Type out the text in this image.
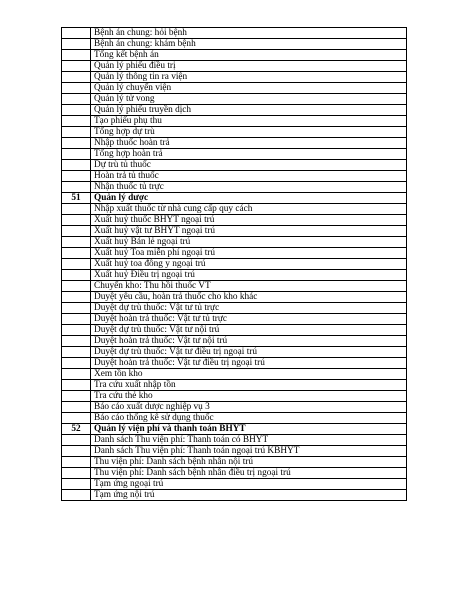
	Bệnh án chung: hỏi bệnh
	Bệnh án chung: khám bệnh
	Tổng kết bệnh án
	Quản lý phiếu điều trị
	Quản lý thông tin ra viện
	Quản lý chuyển viện
	Quản lý tử vong
	Quản lý phiếu truyền dịch
	Tạo phiếu phụ thu
	Tổng hợp dự trù
	Nhập thuốc hoàn trả
	Tổng hợp hoàn trả
	Dự trù tủ thuốc
	Hoàn trả tủ thuốc
	Nhận thuốc tủ trực
51	Quản lý dược
	Nhập xuất thuốc từ nhà cung cấp quy cách
	Xuất huỷ thuốc BHYT ngoại trú
	Xuất huỷ vật tư BHYT ngoại trú
	Xuất huỷ Bán lẻ ngoại trú
	Xuất huỷ Toa miễn phí ngoại trú
	Xuất huỷ toa đông y ngoại trú
	Xuất huỷ Điều trị ngoại trú
	Chuyển kho: Thu hồi thuốc VT
	Duyệt yêu cầu, hoàn trả thuốc cho kho khác
	Duyệt dự trù thuốc: Vật tư tủ trực
	Duyệt hoàn trả thuốc: Vật tư tủ trực
	Duyệt dự trù thuốc: Vật tư nội trú
	Duyệt hoàn trả thuốc: Vật tư nội trú
	Duyệt dự trù thuốc: Vật tư điều trị ngoại trú
	Duyệt hoàn trả thuốc: Vật tư điều trị ngoại trú
	Xem tồn kho
	Tra cứu xuất nhập tồn
	Tra cứu thẻ kho
	Báo cáo xuất dược nghiệp vụ 3
	Báo cáo thống kê sử dụng thuốc
52	Quản lý viện phí và thanh toán BHYT
	Danh sách Thu viện phí: Thanh toán có BHYT
	Danh sách Thu viện phí: Thanh toán ngoại trú KBHYT
	Thu viện phí: Danh sách bệnh nhân nội trú
	Thu viện phí: Danh sách bệnh nhân điều trị ngoại trú
	Tạm ứng ngoại trú
	Tạm ứng nội trú
